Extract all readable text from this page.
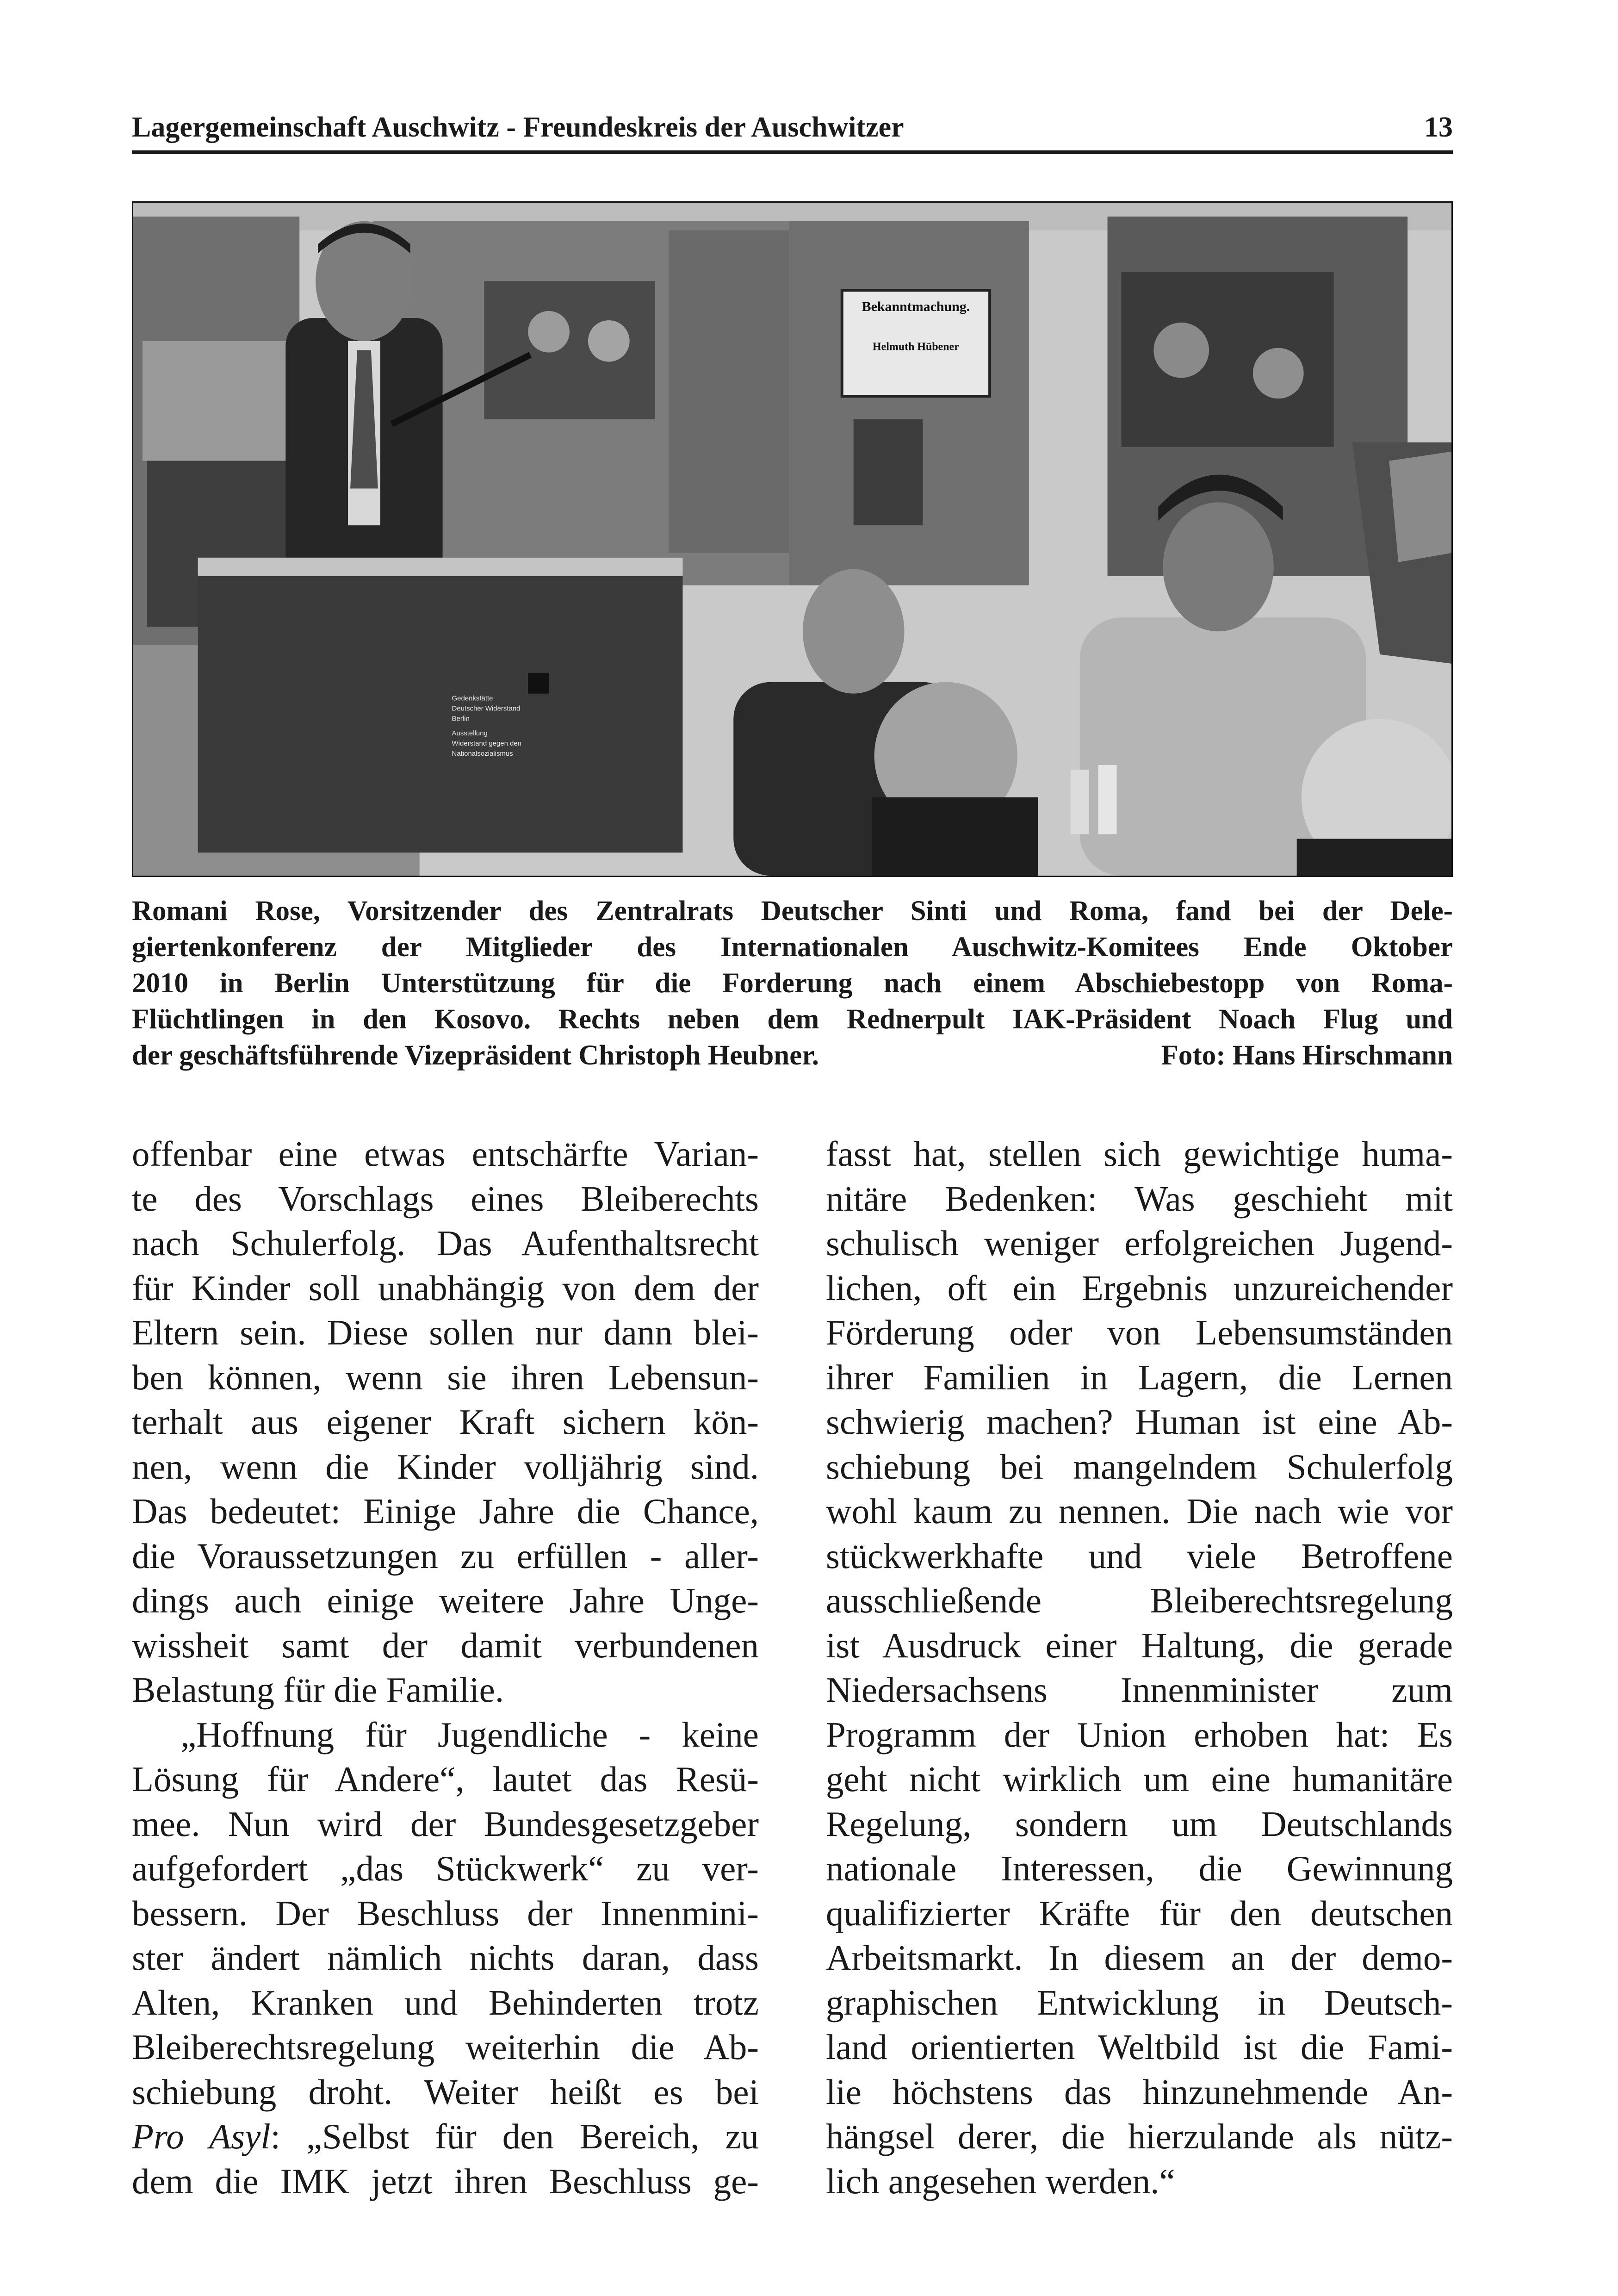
Lagergemeinschaft Auschwitz - Freundeskreis der Auschwitzer	13
Bekanntmachung.
Helmuth Hübener
Gedenkstätte
Deutscher Widerstand
Berlin
Ausstellung
Widerstand gegen den
Nationalsozialismus
Romani Rose, Vorsitzender des Zentralrats Deutscher Sinti und Roma, fand bei der Dele-
giertenkonferenz der Mitglieder des Internationalen Auschwitz-Komitees Ende Oktober
2010 in Berlin Unterstützung für die Forderung nach einem Abschiebestopp von Roma-
Flüchtlingen in den Kosovo. Rechts neben dem Rednerpult IAK-Präsident Noach Flug und
der geschäftsführende Vizepräsident Christoph Heubner.	Foto: Hans Hirschmann
offenbar eine etwas entschärfte Varian-
te des Vorschlags eines Bleiberechts
nach Schulerfolg. Das Aufenthaltsrecht
für Kinder soll unabhängig von dem der
Eltern sein. Diese sollen nur dann blei-
ben können, wenn sie ihren Lebensun-
terhalt aus eigener Kraft sichern kön-
nen, wenn die Kinder volljährig sind.
Das bedeutet: Einige Jahre die Chance,
die Voraussetzungen zu erfüllen - aller-
dings auch einige weitere Jahre Unge-
wissheit samt der damit verbundenen
Belastung für die Familie.
„Hoffnung für Jugendliche - keine
Lösung für Andere“, lautet das Resü-
mee. Nun wird der Bundesgesetzgeber
aufgefordert „das Stückwerk“ zu ver-
bessern. Der Beschluss der Innenmini-
ster ändert nämlich nichts daran, dass
Alten, Kranken und Behinderten trotz
Bleiberechtsregelung weiterhin die Ab-
schiebung droht. Weiter heißt es bei
Pro Asyl: „Selbst für den Bereich, zu
dem die IMK jetzt ihren Beschluss ge-
fasst hat, stellen sich gewichtige huma-
nitäre Bedenken: Was geschieht mit
schulisch weniger erfolgreichen Jugend-
lichen, oft ein Ergebnis unzureichender
Förderung oder von Lebensumständen
ihrer Familien in Lagern, die Lernen
schwierig machen? Human ist eine Ab-
schiebung bei mangelndem Schulerfolg
wohl kaum zu nennen. Die nach wie vor
stückwerkhafte und viele Betroffene
ausschließende Bleiberechtsregelung
ist Ausdruck einer Haltung, die gerade
Niedersachsens Innenminister zum
Programm der Union erhoben hat: Es
geht nicht wirklich um eine humanitäre
Regelung, sondern um Deutschlands
nationale Interessen, die Gewinnung
qualifizierter Kräfte für den deutschen
Arbeitsmarkt. In diesem an der demo-
graphischen Entwicklung in Deutsch-
land orientierten Weltbild ist die Fami-
lie höchstens das hinzunehmende An-
hängsel derer, die hierzulande als nütz-
lich angesehen werden.“
